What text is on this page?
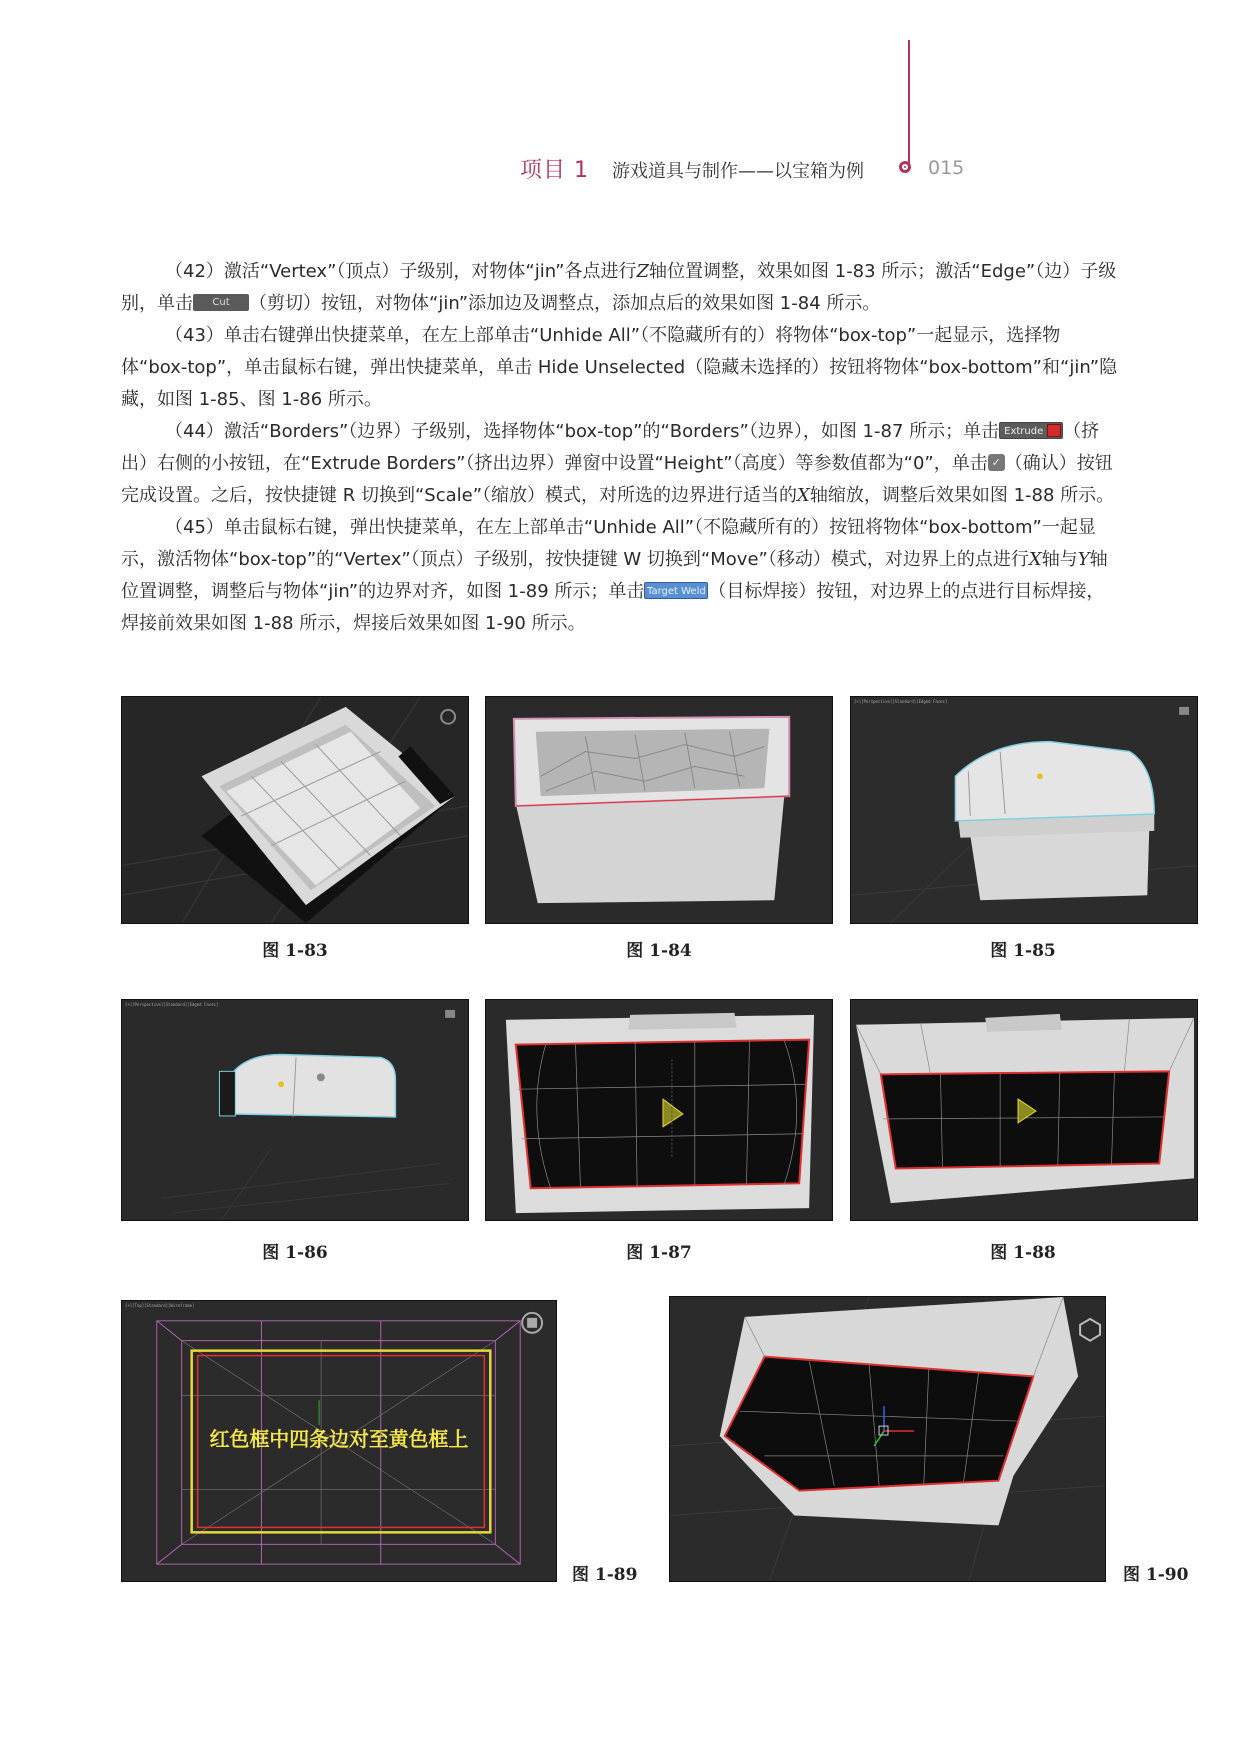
项目 1 游戏道具与制作——以宝箱为例	015

（42）激活“Vertex”（顶点）子级别，对物体“jin”各点进行Z轴位置调整，效果如图 1-83 所示；激活“Edge”（边）子级别，单击 Cut （剪切）按钮，对物体“jin”添加边及调整点，添加点后的效果如图 1-84 所示。

（43）单击右键弹出快捷菜单，在左上部单击“Unhide All”（不隐藏所有的）将物体“box-top”一起显示，选择物体“box-top”，单击鼠标右键，弹出快捷菜单，单击 Hide Unselected（隐藏未选择的）按钮将物体“box-bottom”和“jin”隐藏，如图 1-85、图 1-86 所示。

（44）激活“Borders”（边界）子级别，选择物体“box-top”的“Borders”（边界），如图 1-87 所示；单击 Extrude （挤出）右侧的小按钮，在“Extrude Borders”（挤出边界）弹窗中设置“Height”（高度）等参数值都为“0”，单击 ✓ （确认）按钮完成设置。之后，按快捷键 R 切换到“Scale”（缩放）模式，对所选的边界进行适当的X轴缩放，调整后效果如图 1-88 所示。

（45）单击鼠标右键，弹出快捷菜单，在左上部单击“Unhide All”（不隐藏所有的）按钮将物体“box-bottom”一起显示，激活物体“box-top”的“Vertex”（顶点）子级别，按快捷键 W 切换到“Move”（移动）模式，对边界上的点进行X轴与Y轴位置调整，调整后与物体“jin”的边界对齐，如图 1-89 所示；单击 Target Weld （目标焊接）按钮，对边界上的点进行目标焊接，焊接前效果如图 1-88 所示，焊接后效果如图 1-90 所示。

图 1-83	图 1-84
[+][Perspective][Standard][Edged Faces]
图 1-85
[+][Perspective][Standard][Edged Faces]
图 1-86	图 1-87	图 1-88
[+][Top][Standard][Wireframe]
红色框中四条边对至黄色框上
图 1-89	图 1-90
